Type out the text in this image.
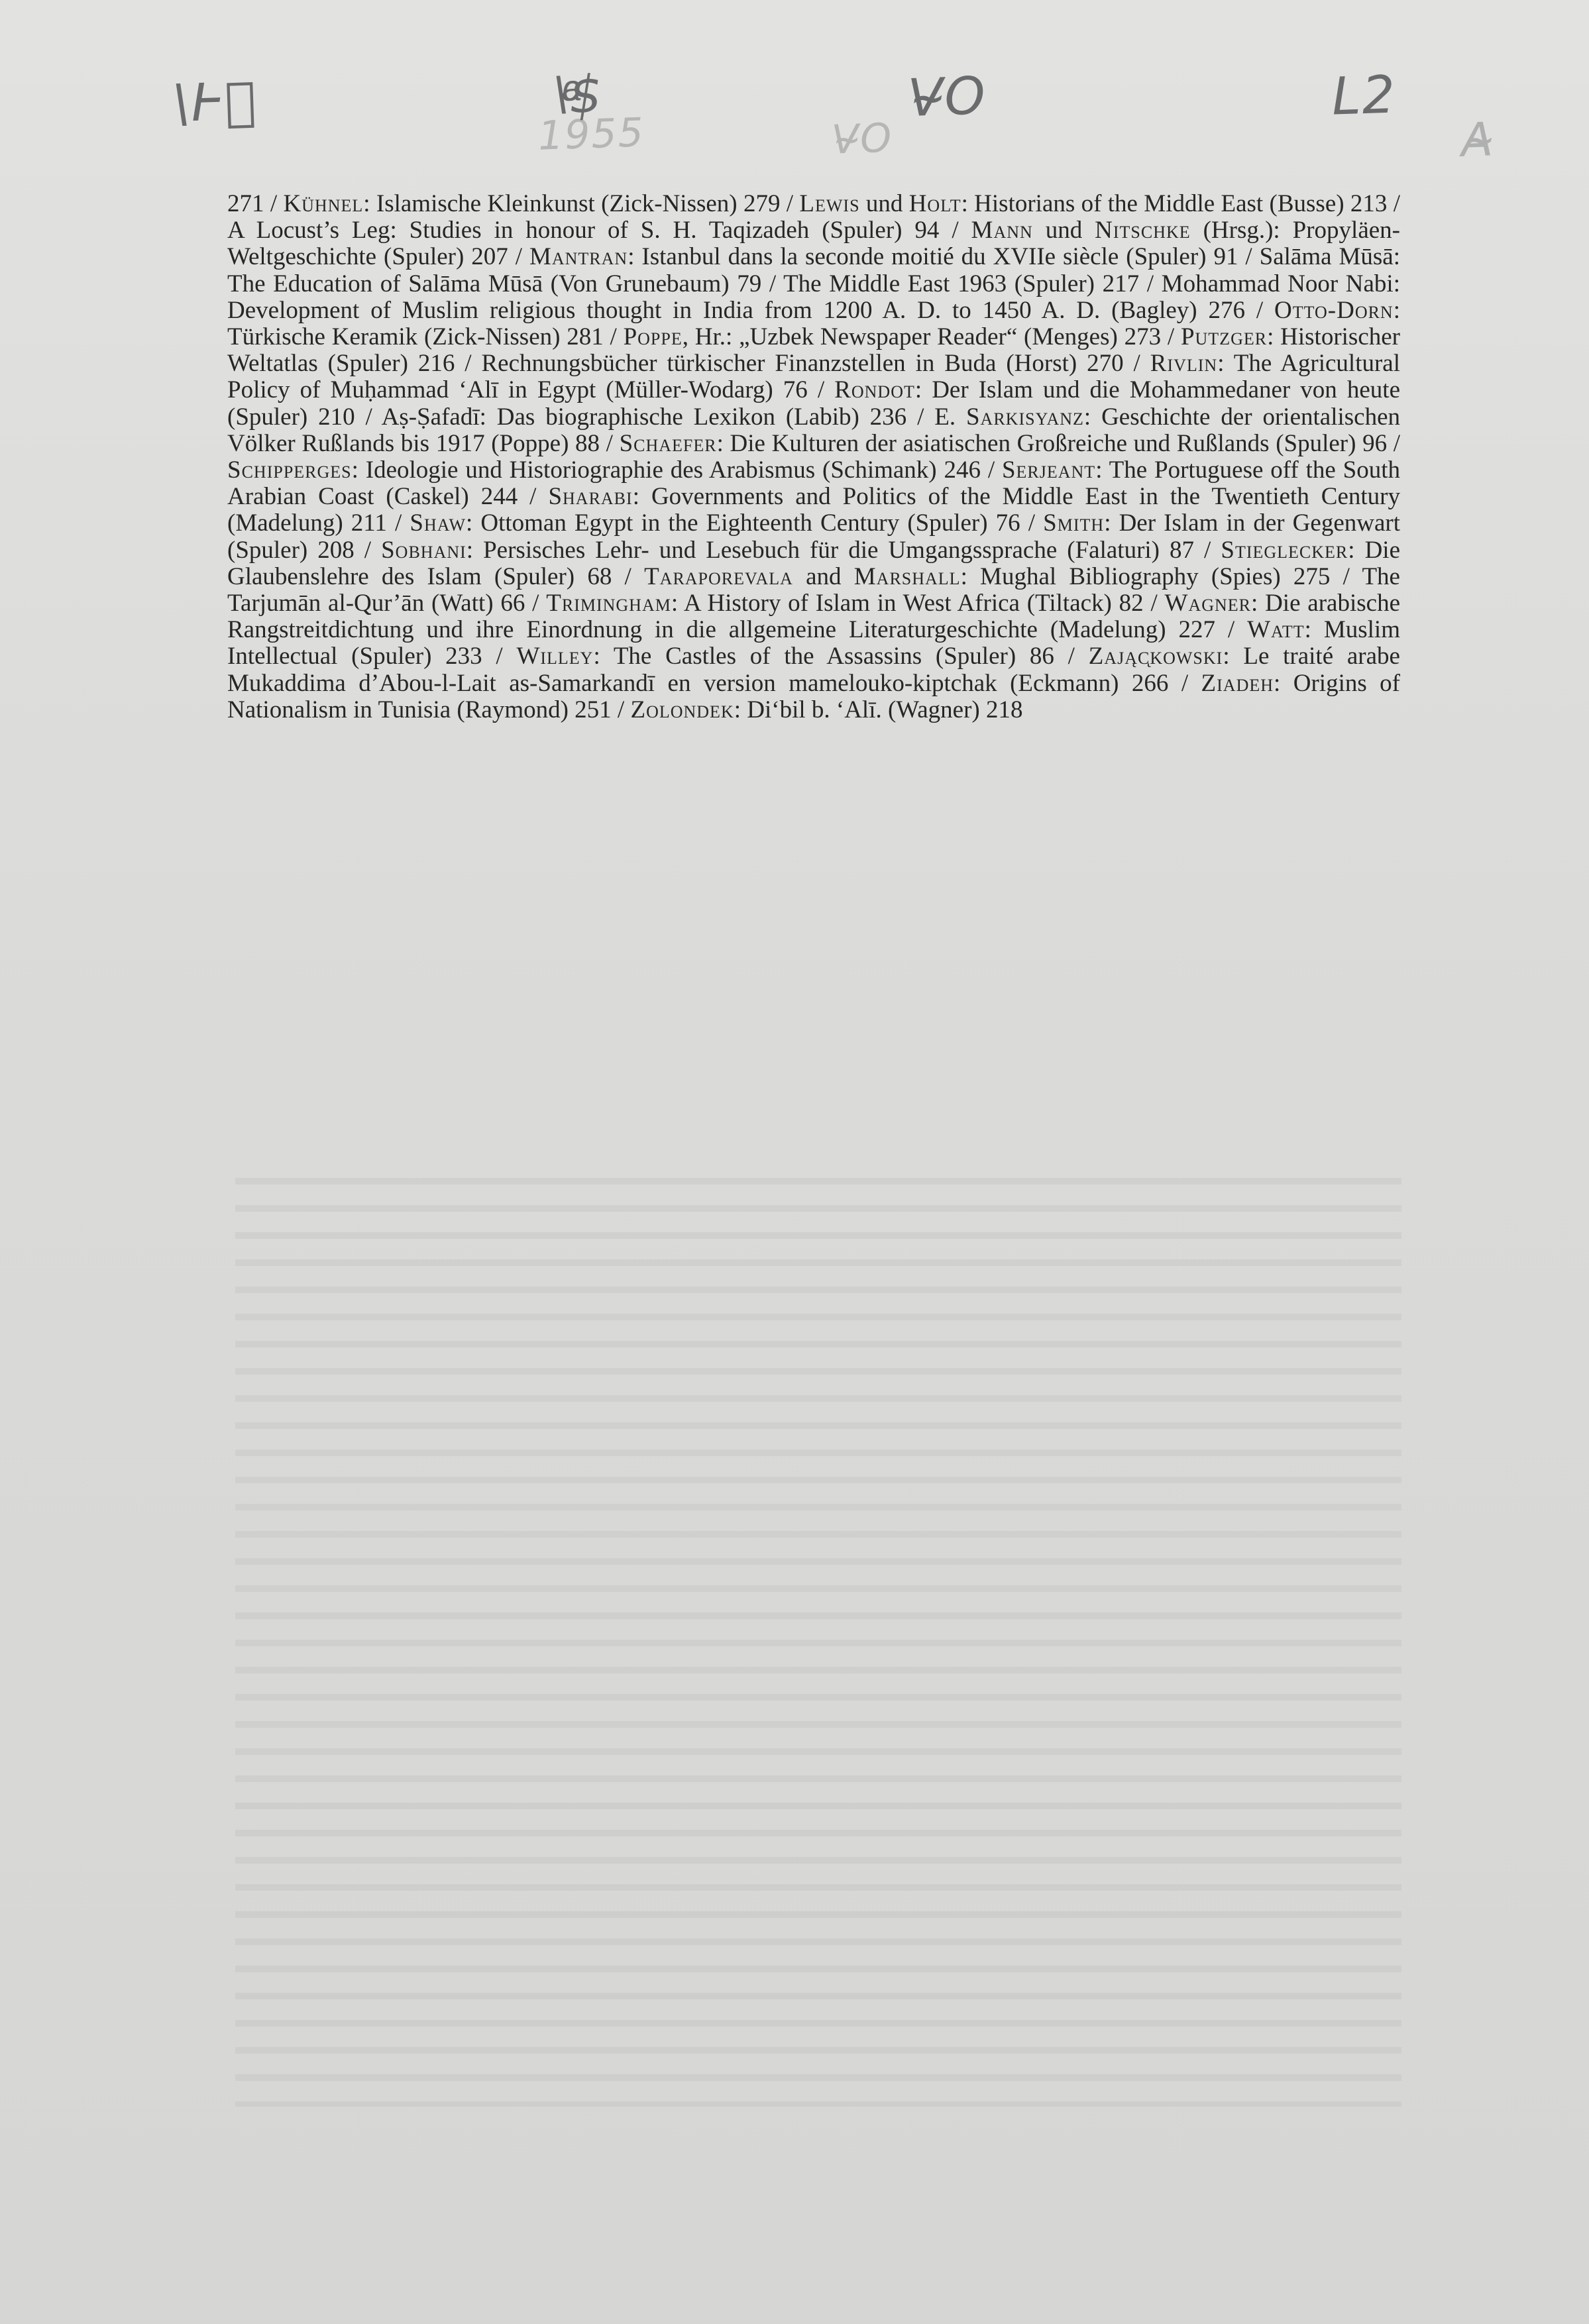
\Ͱͦ	\ͣͨ$	V̴O	L2
A̴
V̴O
1955

271 / Kühnel: Islamische Kleinkunst (Zick-Nissen) 279 / Lewis und Holt: Historians of the Middle East (Busse) 213 / A Locust’s Leg: Studies in honour of S. H. Taqizadeh (Spuler) 94 / Mann und Nitschke (Hrsg.): Propyläen-Weltgeschichte (Spuler) 207 / Mantran: Istanbul dans la seconde moitié du XVIIe siècle (Spuler) 91 / Salāma Mūsā: The Education of Salāma Mūsā (Von Grunebaum) 79 / The Middle East 1963 (Spuler) 217 / Mohammad Noor Nabi: Development of Muslim religious thought in India from 1200 A. D. to 1450 A. D. (Bagley) 276 / Otto-Dorn: Türkische Keramik (Zick-Nissen) 281 / Poppe, Hr.: „Uzbek Newspaper Reader“ (Menges) 273 / Putzger: Historischer Weltatlas (Spuler) 216 / Rechnungsbücher türkischer Finanzstellen in Buda (Horst) 270 / Rivlin: The Agricultural Policy of Muḥammad ‘Alī in Egypt (Müller-Wodarg) 76 / Rondot: Der Islam und die Mohammedaner von heute (Spuler) 210 / Aṣ-Ṣafadī: Das biographische Lexikon (Labib) 236 / E. Sarkisyanz: Geschichte der orientalischen Völker Rußlands bis 1917 (Poppe) 88 / Schaefer: Die Kulturen der asiatischen Großreiche und Rußlands (Spuler) 96 / Schipperges: Ideologie und Historiographie des Arabismus (Schimank) 246 / Serjeant: The Portuguese off the South Arabian Coast (Caskel) 244 / Sharabi: Governments and Politics of the Middle East in the Twentieth Century (Madelung) 211 / Shaw: Ottoman Egypt in the Eighteenth Century (Spuler) 76 / Smith: Der Islam in der Gegenwart (Spuler) 208 / Sobhani: Persisches Lehr- und Lesebuch für die Umgangssprache (Falaturi) 87 / Stieglecker: Die Glaubenslehre des Islam (Spuler) 68 / Taraporevala and Marshall: Mughal Bibliography (Spies) 275 / The Tarjumān al-Qur’ān (Watt) 66 / Trimingham: A History of Islam in West Africa (Tiltack) 82 / Wagner: Die arabische Rangstreitdichtung und ihre Einordnung in die allgemeine Literaturgeschichte (Madelung) 227 / Watt: Muslim Intellectual (Spuler) 233 / Willey: The Castles of the Assassins (Spuler) 86 / Zając̨kowski: Le traité arabe Mukaddima d’Abou-l-Lait as-Samarkandī en version mamelouko-kiptchak (Eckmann) 266 / Ziadeh: Origins of Nationalism in Tunisia (Raymond) 251 / Zolondek: Di‘bil b. ‘Alī. (Wagner) 218
